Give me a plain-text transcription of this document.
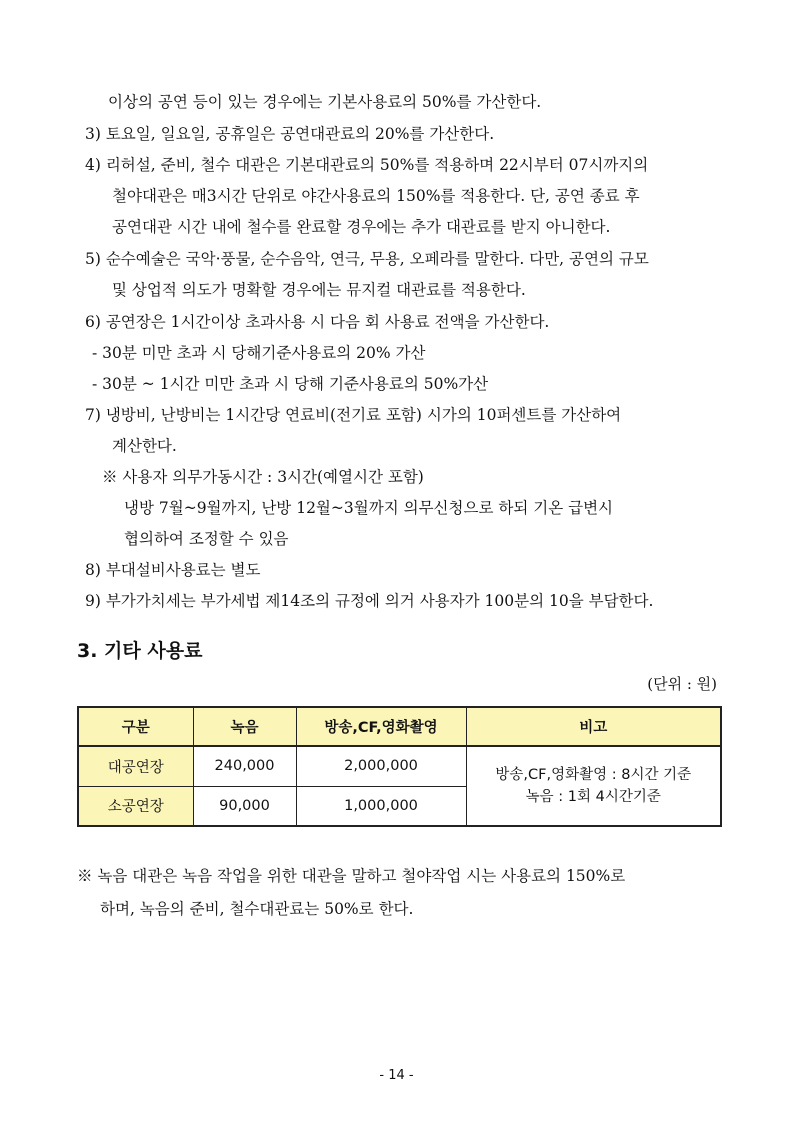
이상의 공연 등이 있는 경우에는 기본사용료의 50%를 가산한다.
3) 토요일, 일요일, 공휴일은 공연대관료의 20%를 가산한다.
4) 리허설, 준비, 철수 대관은 기본대관료의 50%를 적용하며 22시부터 07시까지의
철야대관은 매3시간 단위로 야간사용료의 150%를 적용한다. 단, 공연 종료 후
공연대관 시간 내에 철수를 완료할 경우에는 추가 대관료를 받지 아니한다.
5) 순수예술은 국악·풍물, 순수음악, 연극, 무용, 오페라를 말한다. 다만, 공연의 규모
및 상업적 의도가 명확할 경우에는 뮤지컬 대관료를 적용한다.
6) 공연장은 1시간이상 초과사용 시 다음 회 사용료 전액을 가산한다.
- 30분 미만 초과 시 당해기준사용료의 20% 가산
- 30분 ~ 1시간 미만 초과 시 당해 기준사용료의 50%가산
7) 냉방비, 난방비는 1시간당 연료비(전기료 포함) 시가의 10퍼센트를 가산하여
계산한다.
※ 사용자 의무가동시간 : 3시간(예열시간 포함)
냉방 7월~9월까지, 난방 12월~3월까지 의무신청으로 하되 기온 급변시
협의하여 조정할 수 있음
8) 부대설비사용료는 별도
9) 부가가치세는 부가세법 제14조의 규정에 의거 사용자가 100분의 10을 부담한다.
3. 기타 사용료
(단위 : 원)
구분	녹음	방송,CF,영화촬영	비고
대공연장	240,000	2,000,000	방송,CF,영화촬영 : 8시간 기준
녹음 : 1회 4시간기준

소공연장	90,000	1,000,000	
※ 녹음 대관은 녹음 작업을 위한 대관을 말하고 철야작업 시는 사용료의 150%로
하며, 녹음의 준비, 철수대관료는 50%로 한다.
- 14 -
